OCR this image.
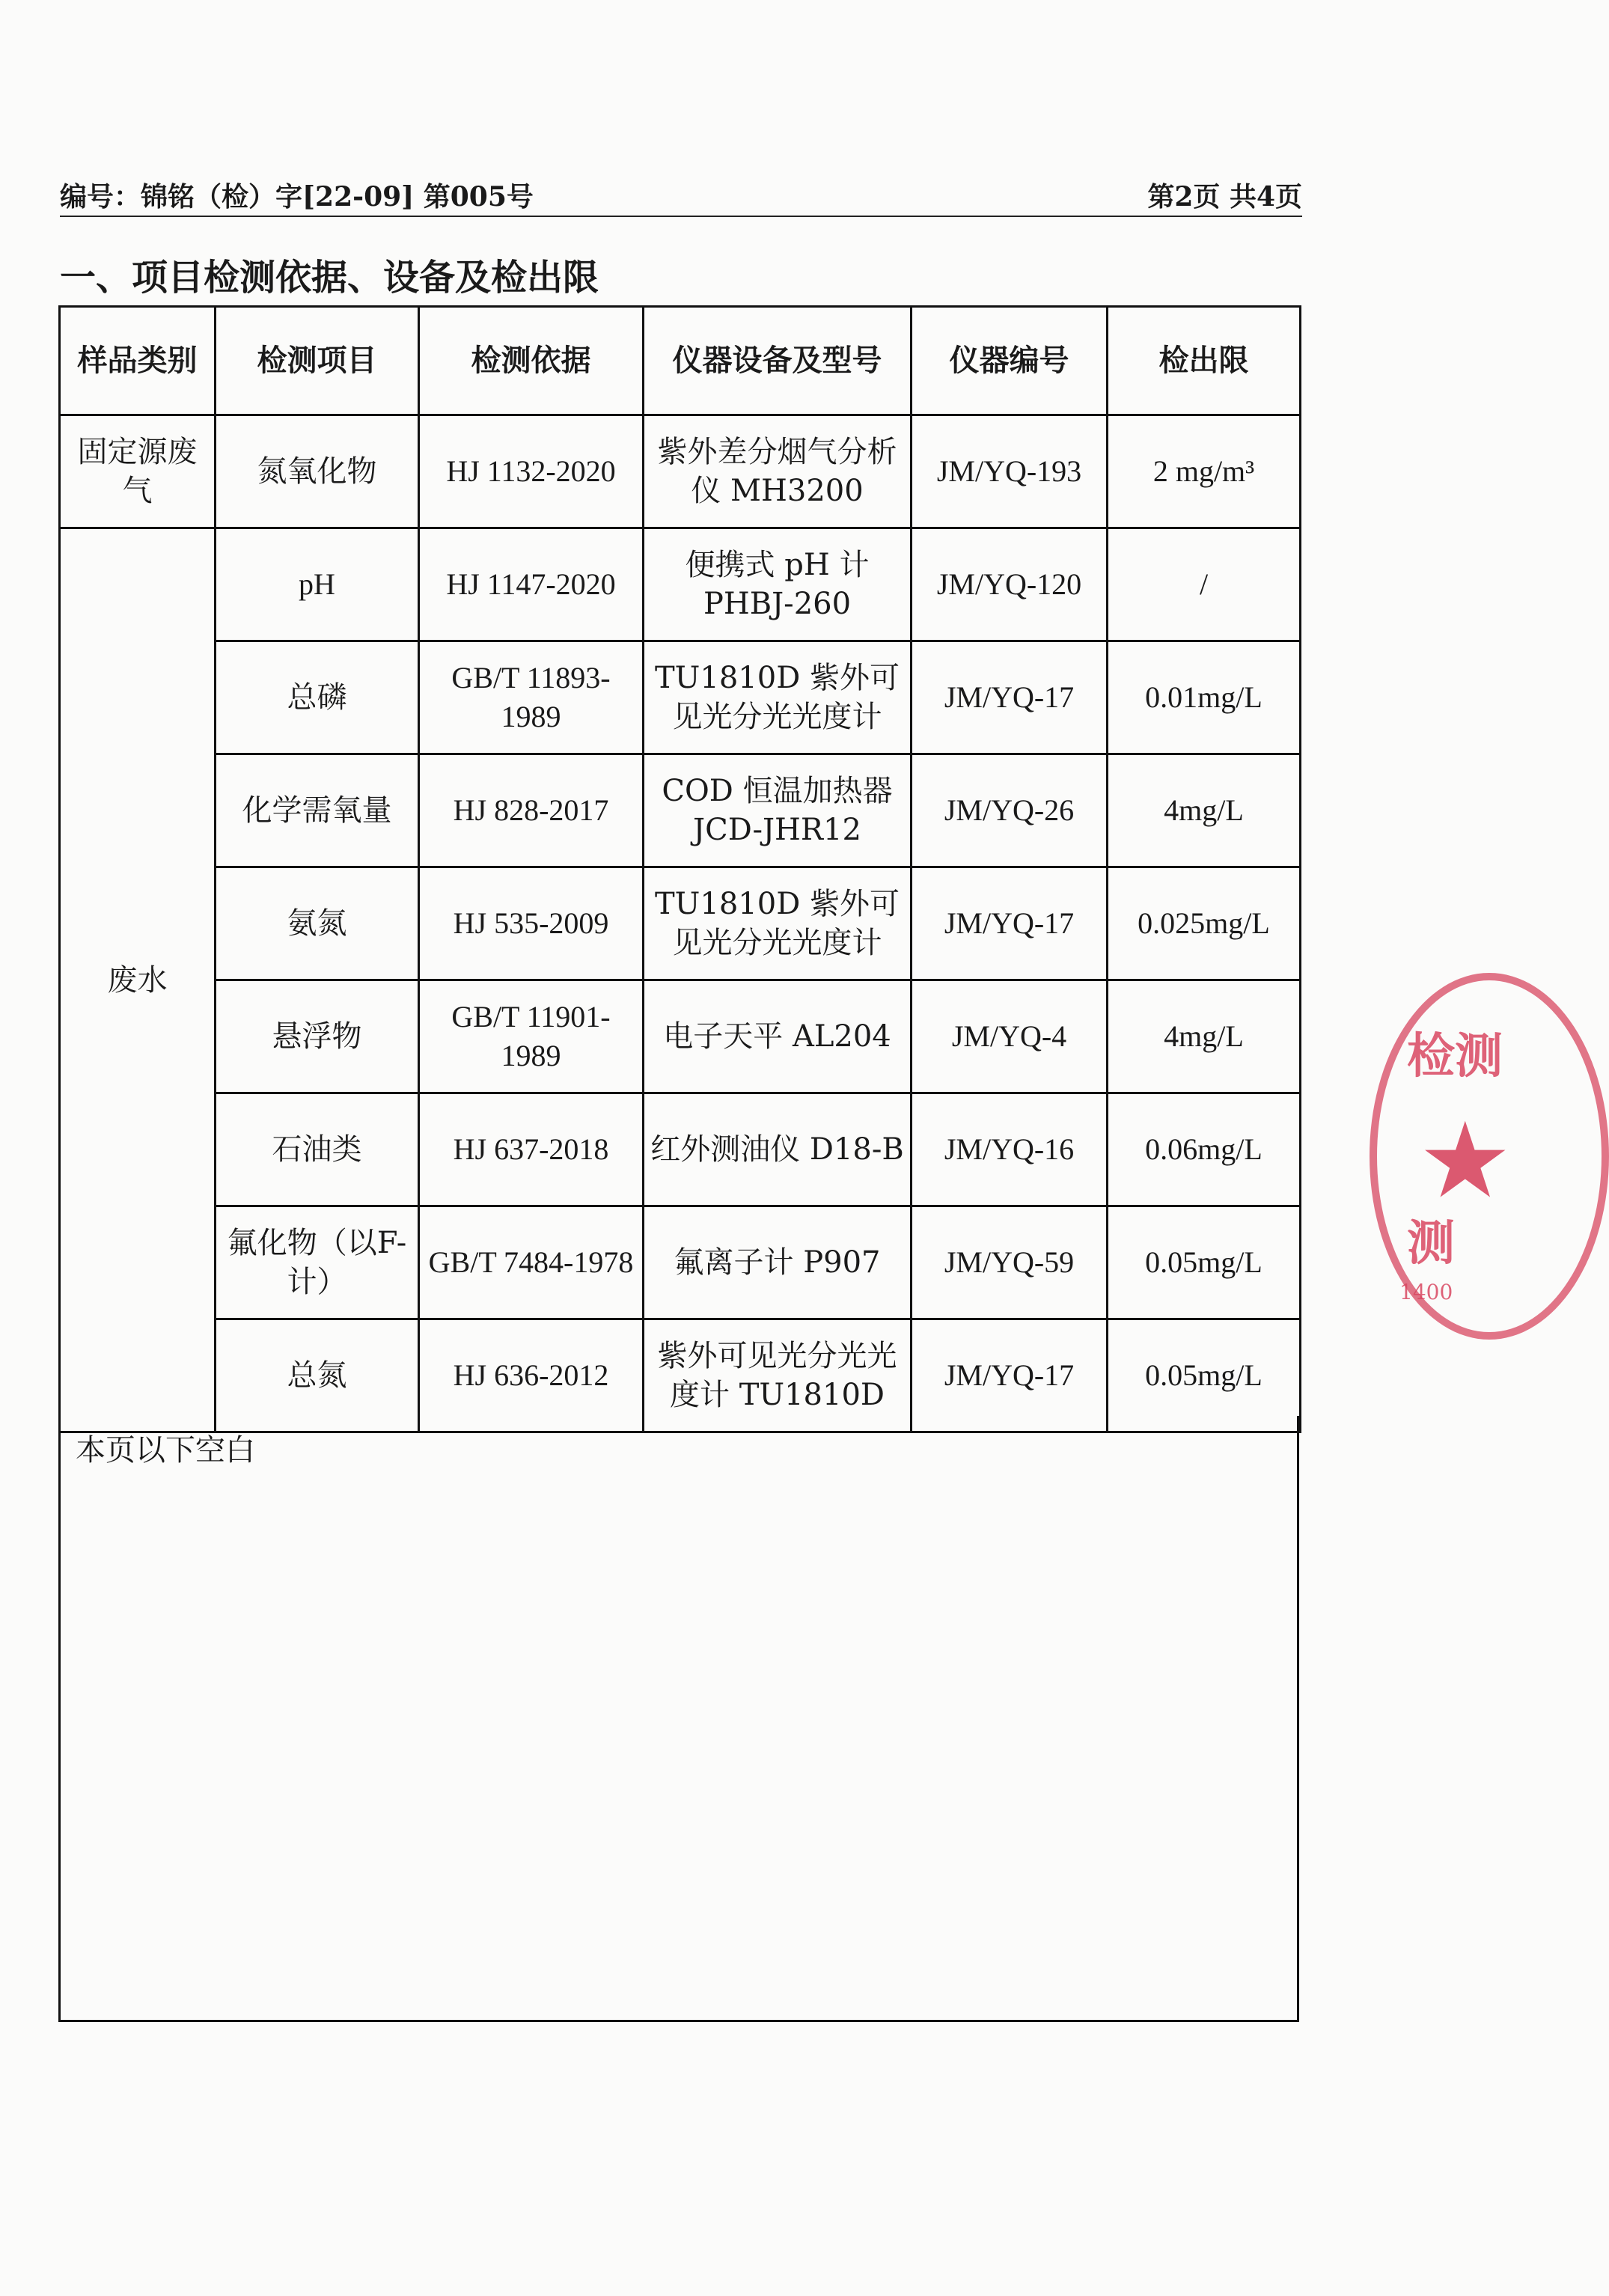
编号：锦铭（检）字[22-09] 第005号	第2页 共4页
一、项目检测依据、设备及检出限
样品类别	检测项目	检测依据	仪器设备及型号	仪器编号	检出限
固定源废气	氮氧化物	HJ 1132-2020	紫外差分烟气分析仪 MH3200	JM/YQ-193	2 mg/m³
废水	pH	HJ 1147-2020	便携式 pH 计 PHBJ-260	JM/YQ-120	/
	总磷	GB/T 11893-1989	TU1810D 紫外可见光分光光度计	JM/YQ-17	0.01mg/L
	化学需氧量	HJ 828-2017	COD 恒温加热器 JCD-JHR12	JM/YQ-26	4mg/L
	氨氮	HJ 535-2009	TU1810D 紫外可见光分光光度计	JM/YQ-17	0.025mg/L
	悬浮物	GB/T 11901-1989	电子天平 AL204	JM/YQ-4	4mg/L
	石油类	HJ 637-2018	红外测油仪 D18-B	JM/YQ-16	0.06mg/L
	氟化物（以F-计）	GB/T 7484-1978	氟离子计 P907	JM/YQ-59	0.05mg/L
	总氮	HJ 636-2012	紫外可见光分光光度计 TU1810D	JM/YQ-17	0.05mg/L
本页以下空白
检测
★
测
1400
